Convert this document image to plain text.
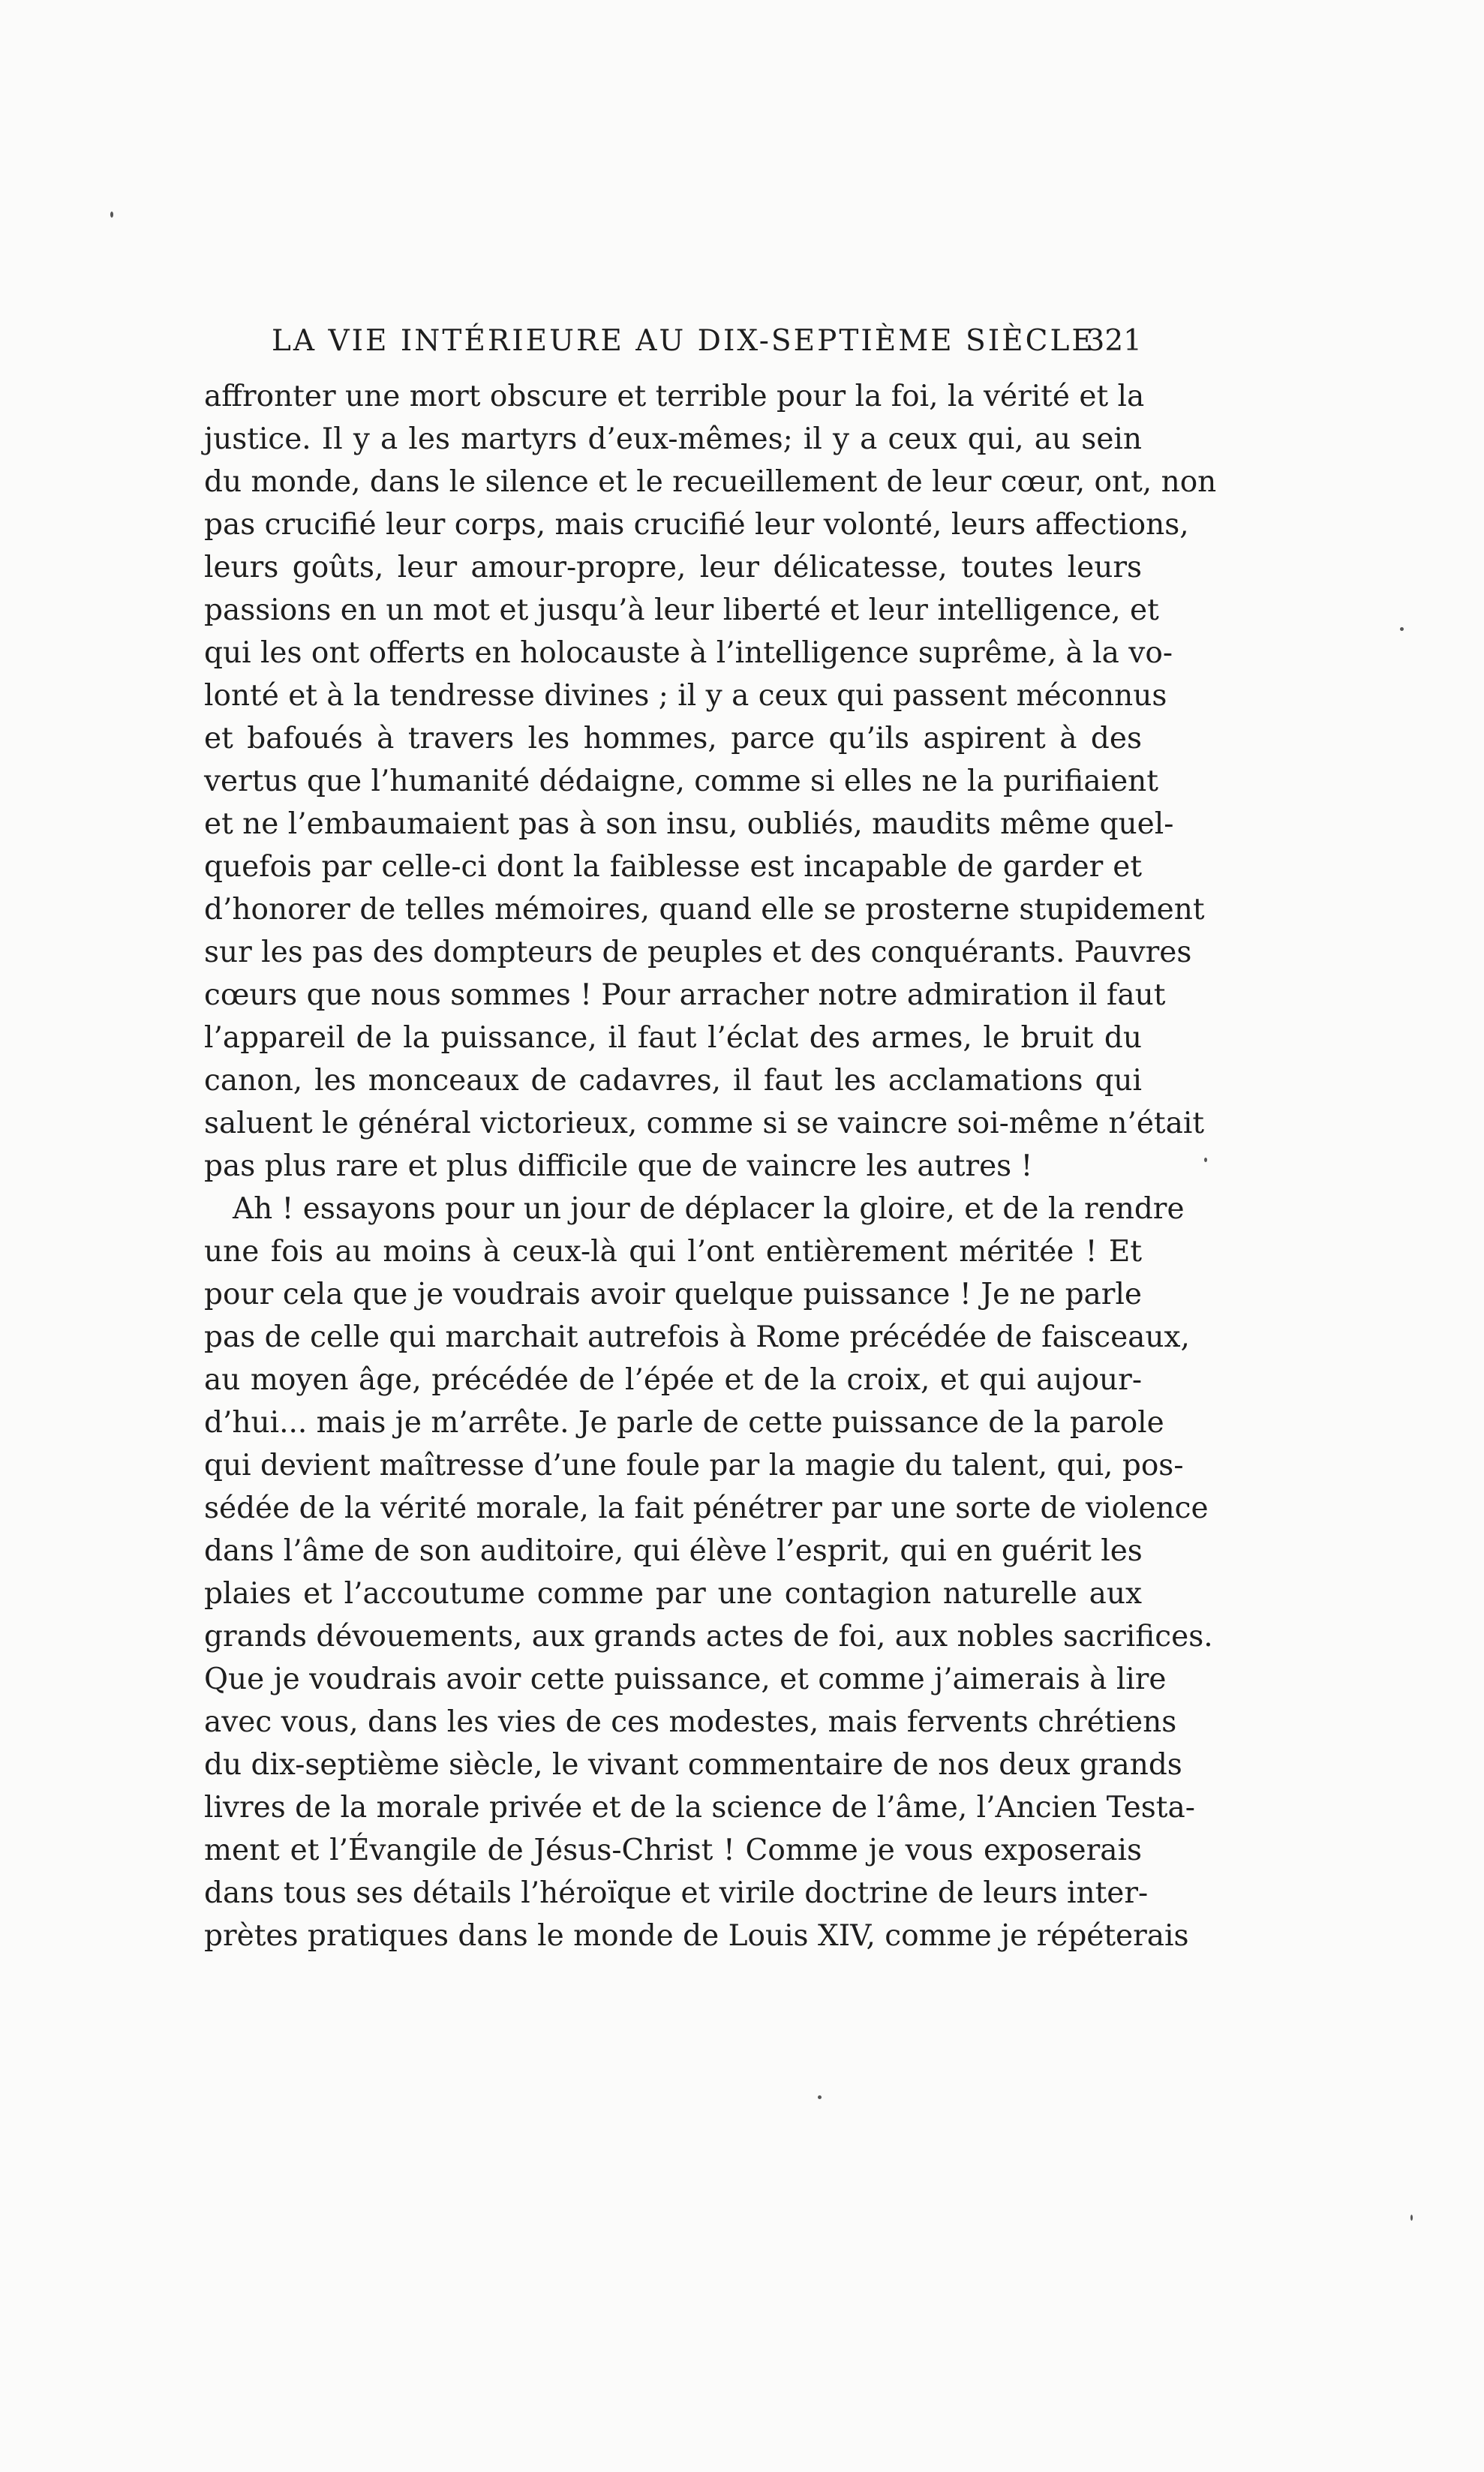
LA VIE INTÉRIEURE AU DIX-SEPTIÈME SIÈCLE
321
affronter une mort obscure et terrible pour la foi, la vérité et la
justice. Il y a les martyrs d’eux-mêmes; il y a ceux qui, au sein
du monde, dans le silence et le recueillement de leur cœur, ont, non
pas crucifié leur corps, mais crucifié leur volonté, leurs affections,
leurs goûts, leur amour-propre, leur délicatesse, toutes leurs
passions en un mot et jusqu’à leur liberté et leur intelligence, et
qui les ont offerts en holocauste à l’intelligence suprême, à la vo-
lonté et à la tendresse divines ; il y a ceux qui passent méconnus
et bafoués à travers les hommes, parce qu’ils aspirent à des
vertus que l’humanité dédaigne, comme si elles ne la purifiaient
et ne l’embaumaient pas à son insu, oubliés, maudits même quel-
quefois par celle-ci dont la faiblesse est incapable de garder et
d’honorer de telles mémoires, quand elle se prosterne stupidement
sur les pas des dompteurs de peuples et des conquérants. Pauvres
cœurs que nous sommes ! Pour arracher notre admiration il faut
l’appareil de la puissance, il faut l’éclat des armes, le bruit du
canon, les monceaux de cadavres, il faut les acclamations qui
saluent le général victorieux, comme si se vaincre soi-même n’était
pas plus rare et plus difficile que de vaincre les autres !
Ah ! essayons pour un jour de déplacer la gloire, et de la rendre
une fois au moins à ceux-là qui l’ont entièrement méritée ! Et
pour cela que je voudrais avoir quelque puissance ! Je ne parle
pas de celle qui marchait autrefois à Rome précédée de faisceaux,
au moyen âge, précédée de l’épée et de la croix, et qui aujour-
d’hui... mais je m’arrête. Je parle de cette puissance de la parole
qui devient maîtresse d’une foule par la magie du talent, qui, pos-
sédée de la vérité morale, la fait pénétrer par une sorte de violence
dans l’âme de son auditoire, qui élève l’esprit, qui en guérit les
plaies et l’accoutume comme par une contagion naturelle aux
grands dévouements, aux grands actes de foi, aux nobles sacrifices.
Que je voudrais avoir cette puissance, et comme j’aimerais à lire
avec vous, dans les vies de ces modestes, mais fervents chrétiens
du dix-septième siècle, le vivant commentaire de nos deux grands
livres de la morale privée et de la science de l’âme, l’Ancien Testa-
ment et l’Évangile de Jésus-Christ ! Comme je vous exposerais
dans tous ses détails l’héroïque et virile doctrine de leurs inter-
prètes pratiques dans le monde de Louis XIV, comme je répéterais
